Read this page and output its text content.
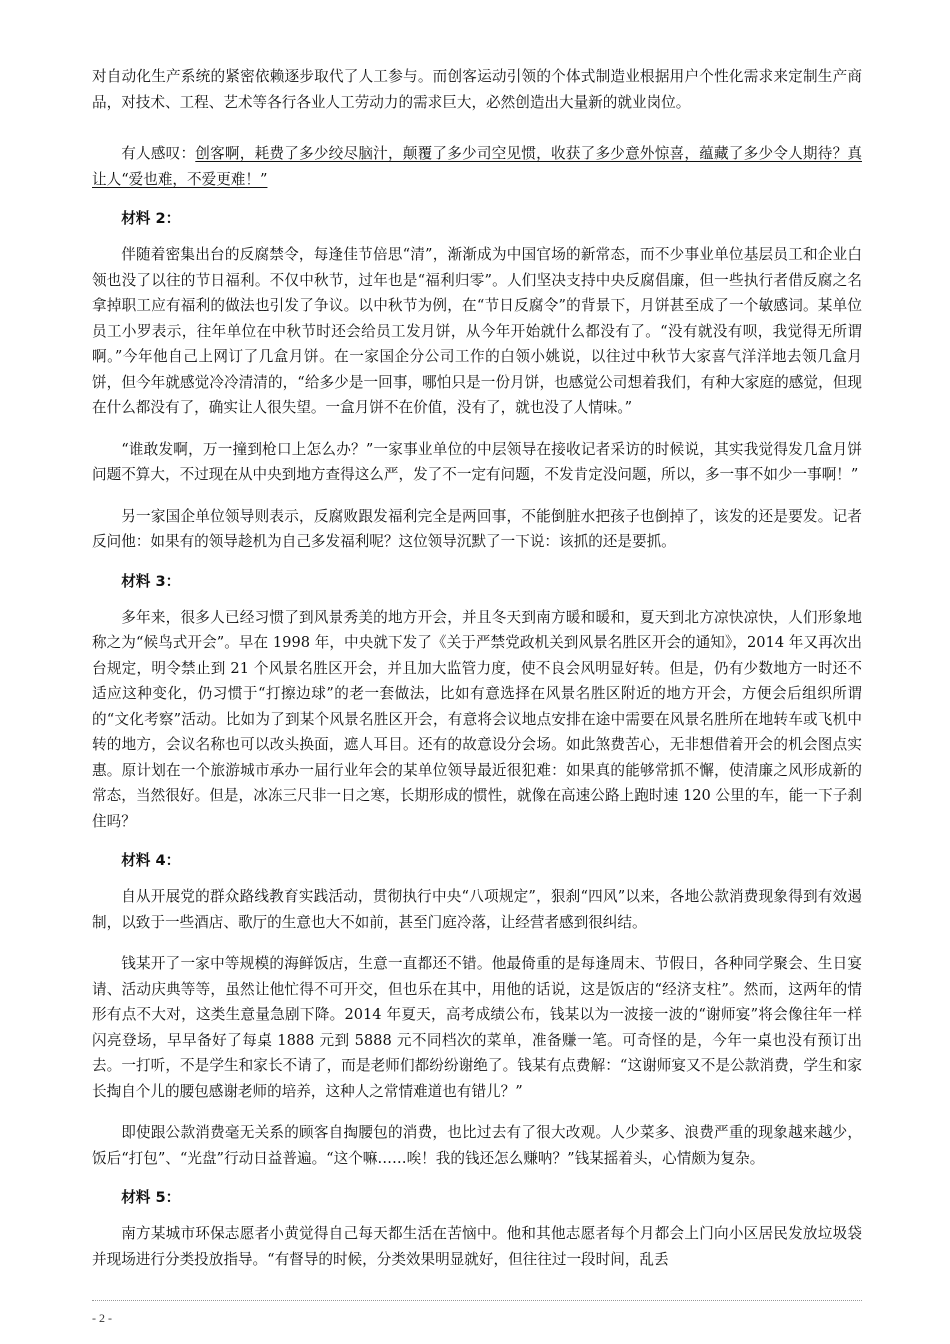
对自动化生产系统的紧密依赖逐步取代了人工参与。而创客运动引领的个体式制造业根据用户个性化需求来定制生产商品，对技术、工程、艺术等各行各业人工劳动力的需求巨大，必然创造出大量新的就业岗位。

有人感叹：创客啊，耗费了多少绞尽脑汁，颠覆了多少司空见惯，收获了多少意外惊喜，蕴藏了多少令人期待？真让人“爱也难，不爱更难！”

材料 2：

伴随着密集出台的反腐禁令，每逢佳节倍思“清”，渐渐成为中国官场的新常态，而不少事业单位基层员工和企业白领也没了以往的节日福利。不仅中秋节，过年也是“福利归零”。人们坚决支持中央反腐倡廉，但一些执行者借反腐之名拿掉职工应有福利的做法也引发了争议。以中秋节为例，在“节日反腐令”的背景下，月饼甚至成了一个敏感词。某单位员工小罗表示，往年单位在中秋节时还会给员工发月饼，从今年开始就什么都没有了。“没有就没有呗，我觉得无所谓啊。”今年他自己上网订了几盒月饼。在一家国企分公司工作的白领小姚说，以往过中秋节大家喜气洋洋地去领几盒月饼，但今年就感觉冷冷清清的，“给多少是一回事，哪怕只是一份月饼，也感觉公司想着我们，有种大家庭的感觉，但现在什么都没有了，确实让人很失望。一盒月饼不在价值，没有了，就也没了人情味。”

“谁敢发啊，万一撞到枪口上怎么办？”一家事业单位的中层领导在接收记者采访的时候说，其实我觉得发几盒月饼问题不算大，不过现在从中央到地方查得这么严，发了不一定有问题，不发肯定没问题，所以，多一事不如少一事啊！”

另一家国企单位领导则表示，反腐败跟发福利完全是两回事，不能倒脏水把孩子也倒掉了，该发的还是要发。记者反问他：如果有的领导趁机为自己多发福利呢？这位领导沉默了一下说：该抓的还是要抓。

材料 3：

多年来，很多人已经习惯了到风景秀美的地方开会，并且冬天到南方暖和暖和，夏天到北方凉快凉快，人们形象地称之为“候鸟式开会”。早在 1998 年，中央就下发了《关于严禁党政机关到风景名胜区开会的通知》，2014 年又再次出台规定，明令禁止到 21 个风景名胜区开会，并且加大监管力度，使不良会风明显好转。但是，仍有少数地方一时还不适应这种变化，仍习惯于“打擦边球”的老一套做法，比如有意选择在风景名胜区附近的地方开会，方便会后组织所谓的“文化考察”活动。比如为了到某个风景名胜区开会，有意将会议地点安排在途中需要在风景名胜所在地转车或飞机中转的地方，会议名称也可以改头换面，遮人耳目。还有的故意设分会场。如此煞费苦心，无非想借着开会的机会图点实惠。原计划在一个旅游城市承办一届行业年会的某单位领导最近很犯难：如果真的能够常抓不懈，使清廉之风形成新的常态，当然很好。但是，冰冻三尺非一日之寒，长期形成的惯性，就像在高速公路上跑时速 120 公里的车，能一下子刹住吗？

材料 4：

自从开展党的群众路线教育实践活动，贯彻执行中央“八项规定”，狠刹“四风”以来，各地公款消费现象得到有效遏制，以致于一些酒店、歌厅的生意也大不如前，甚至门庭冷落，让经营者感到很纠结。

钱某开了一家中等规模的海鲜饭店，生意一直都还不错。他最倚重的是每逢周末、节假日，各种同学聚会、生日宴请、活动庆典等等，虽然让他忙得不可开交，但也乐在其中，用他的话说，这是饭店的“经济支柱”。然而，这两年的情形有点不大对，这类生意量急剧下降。2014 年夏天，高考成绩公布，钱某以为一波接一波的“谢师宴”将会像往年一样闪亮登场，早早备好了每桌 1888 元到 5888 元不同档次的菜单，准备赚一笔。可奇怪的是，今年一桌也没有预订出去。一打听，不是学生和家长不请了，而是老师们都纷纷谢绝了。钱某有点费解：“这谢师宴又不是公款消费，学生和家长掏自个儿的腰包感谢老师的培养，这种人之常情难道也有错儿？”

即使跟公款消费毫无关系的顾客自掏腰包的消费，也比过去有了很大改观。人少菜多、浪费严重的现象越来越少，饭后“打包”、“光盘”行动日益普遍。“这个嘛……唉！我的钱还怎么赚呐？”钱某摇着头，心情颇为复杂。

材料 5：

南方某城市环保志愿者小黄觉得自己每天都生活在苦恼中。他和其他志愿者每个月都会上门向小区居民发放垃圾袋并现场进行分类投放指导。“有督导的时候，分类效果明显就好，但往往过一段时间，乱丢

- 2 -
